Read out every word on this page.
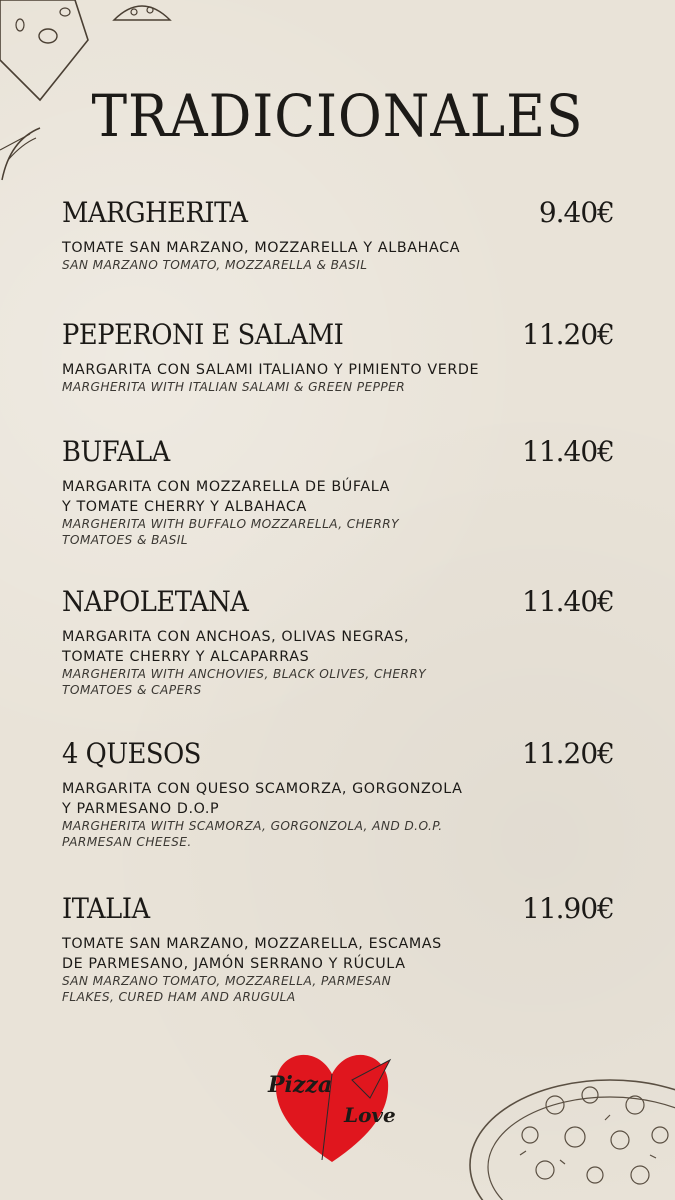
TRADICIONALES
MARGHERITA	9.40€
TOMATE SAN MARZANO, MOZZARELLA Y ALBAHACA
SAN MARZANO TOMATO, MOZZARELLA & BASIL
PEPERONI E SALAMI	11.20€
MARGARITA CON SALAMI ITALIANO Y PIMIENTO VERDE
MARGHERITA WITH ITALIAN SALAMI & GREEN PEPPER
BUFALA	11.40€
MARGARITA CON MOZZARELLA DE BÚFALA
Y TOMATE CHERRY Y ALBAHACA
MARGHERITA WITH BUFFALO MOZZARELLA, CHERRY
TOMATOES & BASIL
NAPOLETANA	11.40€
MARGARITA CON ANCHOAS, OLIVAS NEGRAS,
TOMATE CHERRY Y ALCAPARRAS
MARGHERITA WITH ANCHOVIES, BLACK OLIVES, CHERRY
TOMATOES & CAPERS
4 QUESOS	11.20€
MARGARITA CON QUESO SCAMORZA, GORGONZOLA
Y PARMESANO D.O.P
MARGHERITA WITH SCAMORZA, GORGONZOLA, AND D.O.P.
PARMESAN CHEESE.
ITALIA	11.90€
TOMATE SAN MARZANO, MOZZARELLA, ESCAMAS
DE PARMESANO, JAMÓN SERRANO Y RÚCULA
SAN MARZANO TOMATO, MOZZARELLA, PARMESAN
FLAKES, CURED HAM AND ARUGULA
Pizza
Love
